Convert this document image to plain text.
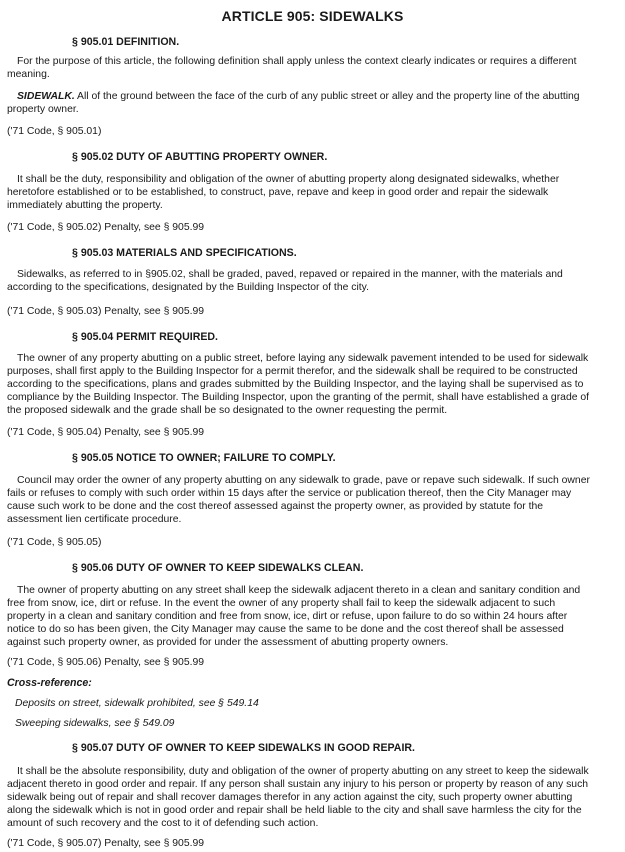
ARTICLE 905: SIDEWALKS
§ 905.01 DEFINITION.
For the purpose of this article, the following definition shall apply unless the context clearly indicates or requires a different meaning.
SIDEWALK. All of the ground between the face of the curb of any public street or alley and the property line of the abutting property owner.
('71 Code, § 905.01)
§ 905.02 DUTY OF ABUTTING PROPERTY OWNER.
It shall be the duty, responsibility and obligation of the owner of abutting property along designated sidewalks, whether heretofore established or to be established, to construct, pave, repave and keep in good order and repair the sidewalk immediately abutting the property.
('71 Code, § 905.02) Penalty, see § 905.99
§ 905.03 MATERIALS AND SPECIFICATIONS.
Sidewalks, as referred to in §905.02, shall be graded, paved, repaved or repaired in the manner, with the materials and according to the specifications, designated by the Building Inspector of the city.
('71 Code, § 905.03) Penalty, see § 905.99
§ 905.04 PERMIT REQUIRED.
The owner of any property abutting on a public street, before laying any sidewalk pavement intended to be used for sidewalk purposes, shall first apply to the Building Inspector for a permit therefor, and the sidewalk shall be required to be constructed according to the specifications, plans and grades submitted by the Building Inspector, and the laying shall be supervised as to compliance by the Building Inspector. The Building Inspector, upon the granting of the permit, shall have established a grade of the proposed sidewalk and the grade shall be so designated to the owner requesting the permit.
('71 Code, § 905.04) Penalty, see § 905.99
§ 905.05 NOTICE TO OWNER; FAILURE TO COMPLY.
Council may order the owner of any property abutting on any sidewalk to grade, pave or repave such sidewalk. If such owner fails or refuses to comply with such order within 15 days after the service or publication thereof, then the City Manager may cause such work to be done and the cost thereof assessed against the property owner, as provided by statute for the assessment lien certificate procedure.
('71 Code, § 905.05)
§ 905.06 DUTY OF OWNER TO KEEP SIDEWALKS CLEAN.
The owner of property abutting on any street shall keep the sidewalk adjacent thereto in a clean and sanitary condition and free from snow, ice, dirt or refuse. In the event the owner of any property shall fail to keep the sidewalk adjacent to such property in a clean and sanitary condition and free from snow, ice, dirt or refuse, upon failure to do so within 24 hours after notice to do so has been given, the City Manager may cause the same to be done and the cost thereof shall be assessed against such property owner, as provided for under the assessment of abutting property owners.
('71 Code, § 905.06) Penalty, see § 905.99
Cross-reference:
Deposits on street, sidewalk prohibited, see § 549.14
Sweeping sidewalks, see § 549.09
§ 905.07 DUTY OF OWNER TO KEEP SIDEWALKS IN GOOD REPAIR.
It shall be the absolute responsibility, duty and obligation of the owner of property abutting on any street to keep the sidewalk adjacent thereto in good order and repair. If any person shall sustain any injury to his person or property by reason of any such sidewalk being out of repair and shall recover damages therefor in any action against the city, such property owner abutting along the sidewalk which is not in good order and repair shall be held liable to the city and shall save harmless the city for the amount of such recovery and the cost to it of defending such action.
('71 Code, § 905.07) Penalty, see § 905.99
